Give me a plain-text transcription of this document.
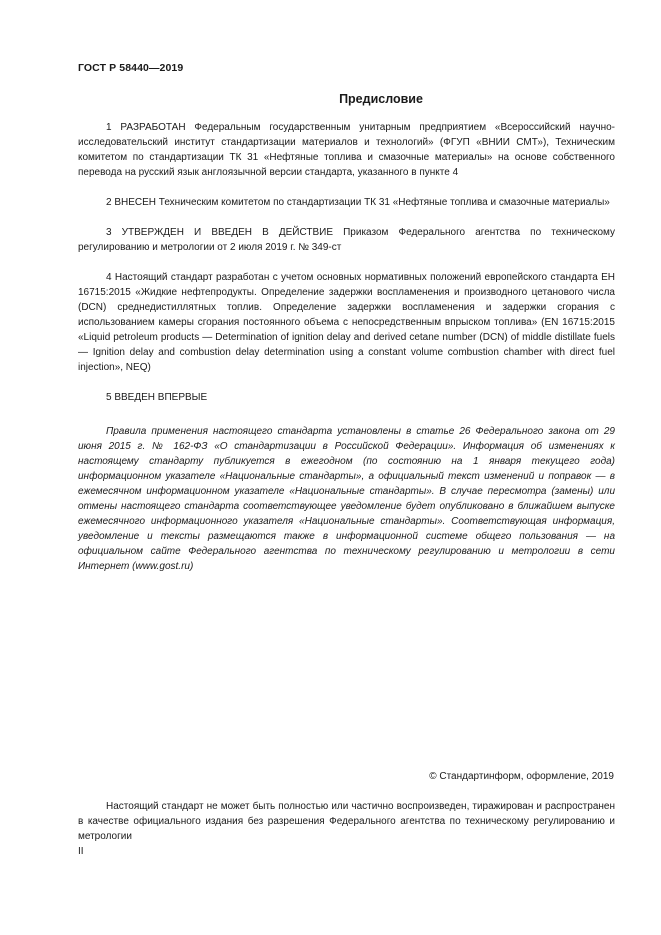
ГОСТ Р 58440—2019
Предисловие

1 РАЗРАБОТАН Федеральным государственным унитарным предприятием «Всероссийский научно-исследовательский институт стандартизации материалов и технологий» (ФГУП «ВНИИ СМТ»), Техническим комитетом по стандартизации ТК 31 «Нефтяные топлива и смазочные материалы» на основе собственного перевода на русский язык англоязычной версии стандарта, указанного в пункте 4

2 ВНЕСЕН Техническим комитетом по стандартизации ТК 31 «Нефтяные топлива и смазочные материалы»

3 УТВЕРЖДЕН И ВВЕДЕН В ДЕЙСТВИЕ Приказом Федерального агентства по техническому регулированию и метрологии от 2 июля 2019 г. № 349-ст

4 Настоящий стандарт разработан с учетом основных нормативных положений европейского стандарта ЕН 16715:2015 «Жидкие нефтепродукты. Определение задержки воспламенения и производного цетанового числа (DCN) среднедистиллятных топлив. Определение задержки воспламенения и задержки сгорания с использованием камеры сгорания постоянного объема с непосредственным впрыском топлива» (EN 16715:2015 «Liquid petroleum products — Determination of ignition delay and derived cetane number (DCN) of middle distillate fuels — Ignition delay and combustion delay determination using a constant volume combustion chamber with direct fuel injection», NEQ)

5 ВВЕДЕН ВПЕРВЫЕ

Правила применения настоящего стандарта установлены в статье 26 Федерального закона от 29 июня 2015 г. № 162-ФЗ «О стандартизации в Российской Федерации». Информация об изменениях к настоящему стандарту публикуется в ежегодном (по состоянию на 1 января текущего года) информационном указателе «Национальные стандарты», а официальный текст изменений и поправок — в ежемесячном информационном указателе «Национальные стандарты». В случае пересмотра (замены) или отмены настоящего стандарта соответствующее уведомление будет опубликовано в ближайшем выпуске ежемесячного информационного указателя «Национальные стандарты». Соответствующая информация, уведомление и тексты размещаются также в информационной системе общего пользования — на официальном сайте Федерального агентства по техническому регулированию и метрологии в сети Интернет (www.gost.ru)
© Стандартинформ, оформление, 2019
Настоящий стандарт не может быть полностью или частично воспроизведен, тиражирован и распространен в качестве официального издания без разрешения Федерального агентства по техническому регулированию и метрологии
II
